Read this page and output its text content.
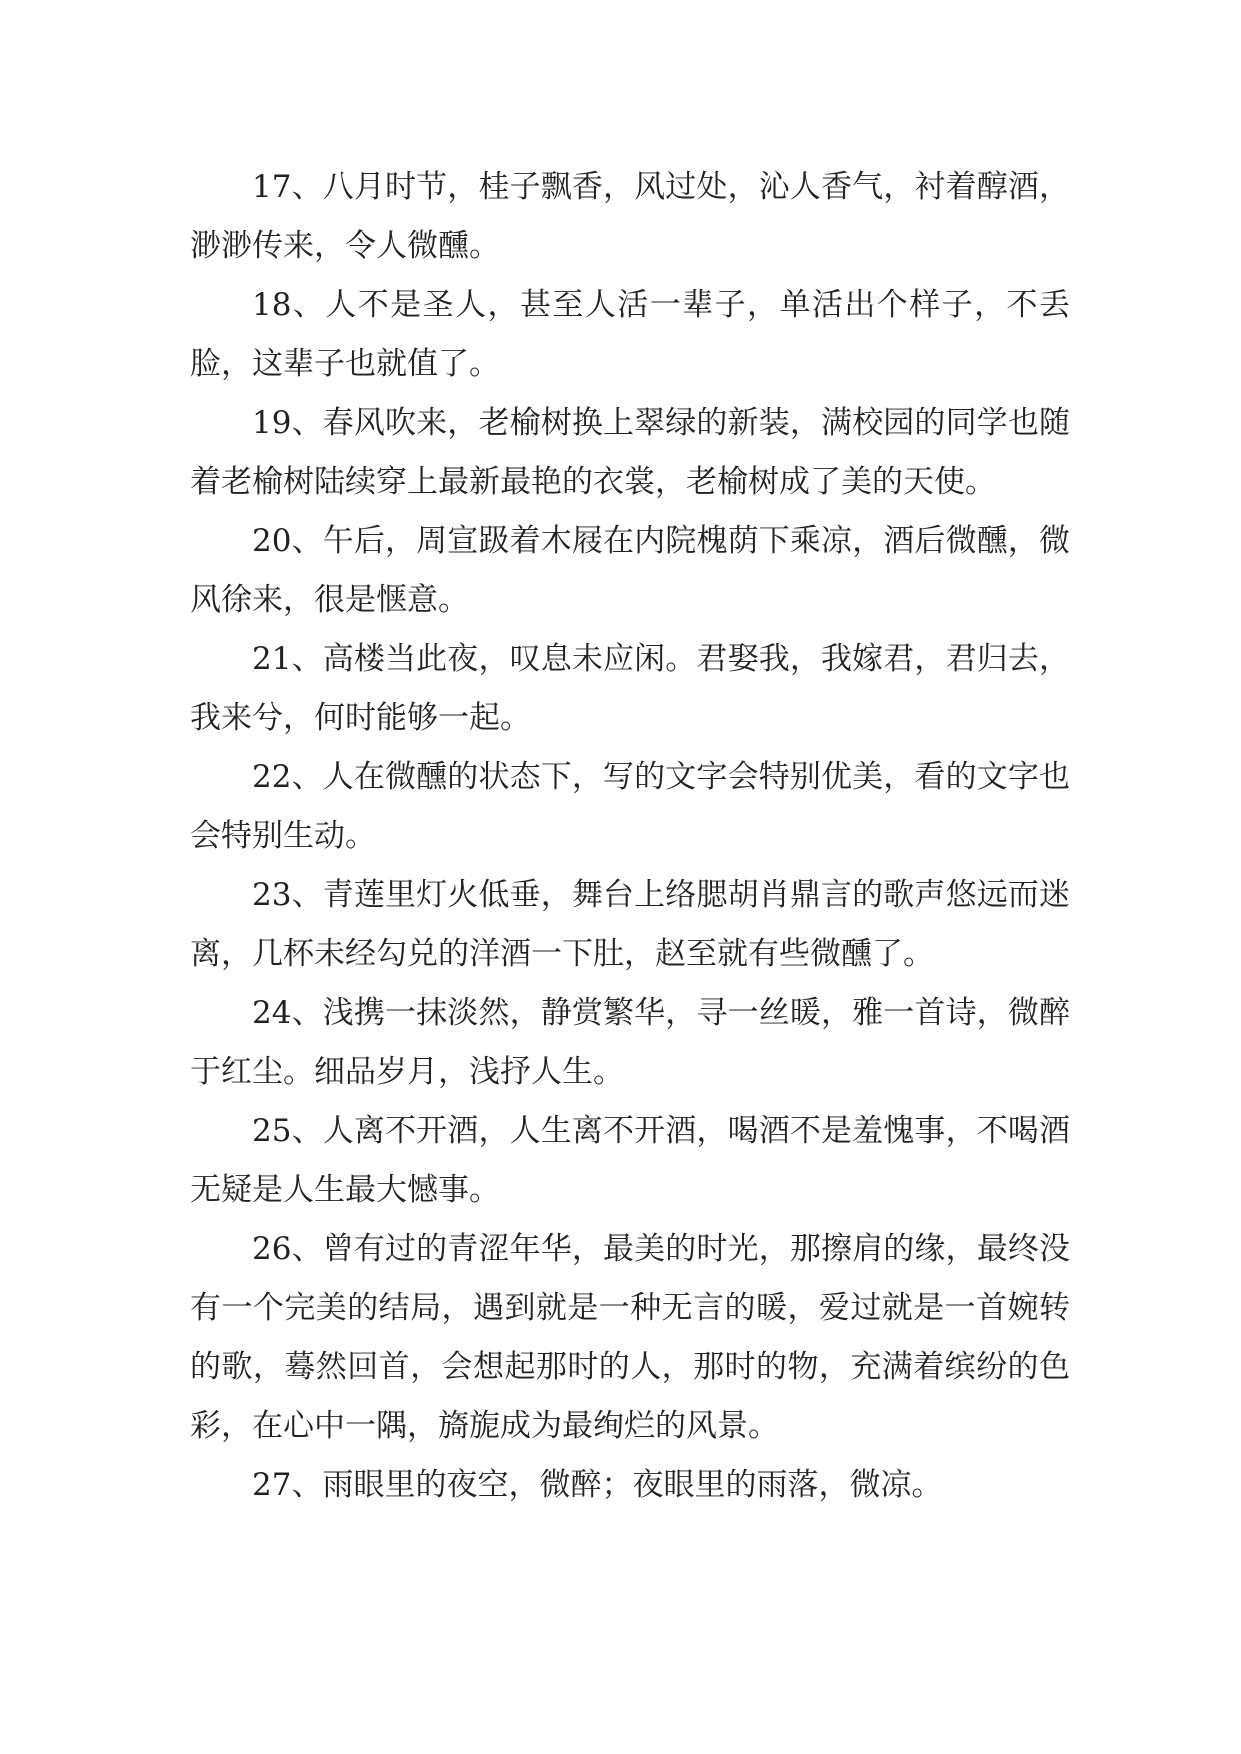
17、八月时节，桂子飘香，风过处，沁人香气，衬着醇酒，渺渺传来，令人微醺。

18、人不是圣人，甚至人活一辈子，单活出个样子，不丢脸，这辈子也就值了。

19、春风吹来，老榆树换上翠绿的新装，满校园的同学也随着老榆树陆续穿上最新最艳的衣裳，老榆树成了美的天使。

20、午后，周宣趿着木屐在内院槐荫下乘凉，酒后微醺，微风徐来，很是惬意。

21、高楼当此夜，叹息未应闲。君娶我，我嫁君，君归去，我来兮，何时能够一起。

22、人在微醺的状态下，写的文字会特别优美，看的文字也会特别生动。

23、青莲里灯火低垂，舞台上络腮胡肖鼎言的歌声悠远而迷离，几杯未经勾兑的洋酒一下肚，赵至就有些微醺了。

24、浅携一抹淡然，静赏繁华，寻一丝暖，雅一首诗，微醉于红尘。细品岁月，浅抒人生。

25、人离不开酒，人生离不开酒，喝酒不是羞愧事，不喝酒无疑是人生最大憾事。

26、曾有过的青涩年华，最美的时光，那擦肩的缘，最终没有一个完美的结局，遇到就是一种无言的暖，爱过就是一首婉转的歌，蓦然回首，会想起那时的人，那时的物，充满着缤纷的色彩，在心中一隅，旖旎成为最绚烂的风景。

27、雨眼里的夜空，微醉；夜眼里的雨落，微凉。
